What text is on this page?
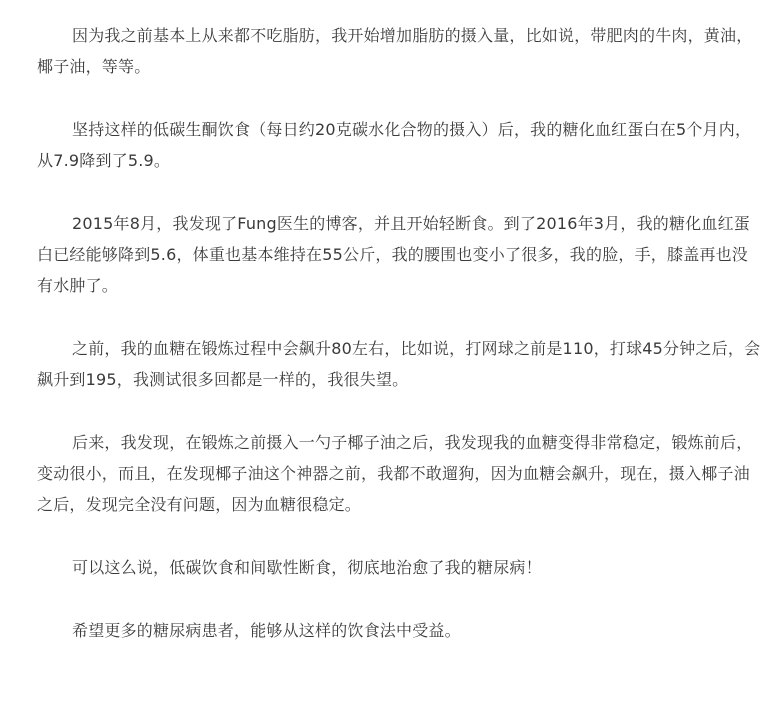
因为我之前基本上从来都不吃脂肪，我开始增加脂肪的摄入量，比如说，带肥肉的牛肉，黄油，椰子油，等等。

坚持这样的低碳生酮饮食（每日约20克碳水化合物的摄入）后，我的糖化血红蛋白在5个月内，从7.9降到了5.9。

2015年8月，我发现了Fung医生的博客，并且开始轻断食。到了2016年3月，我的糖化血红蛋白已经能够降到5.6，体重也基本维持在55公斤，我的腰围也变小了很多，我的脸，手，膝盖再也没有水肿了。

之前，我的血糖在锻炼过程中会飙升80左右，比如说，打网球之前是110，打球45分钟之后，会飙升到195，我测试很多回都是一样的，我很失望。

后来，我发现，在锻炼之前摄入一勺子椰子油之后，我发现我的血糖变得非常稳定，锻炼前后，变动很小，而且，在发现椰子油这个神器之前，我都不敢遛狗，因为血糖会飙升，现在，摄入椰子油之后，发现完全没有问题，因为血糖很稳定。

可以这么说，低碳饮食和间歇性断食，彻底地治愈了我的糖尿病！

希望更多的糖尿病患者，能够从这样的饮食法中受益。
